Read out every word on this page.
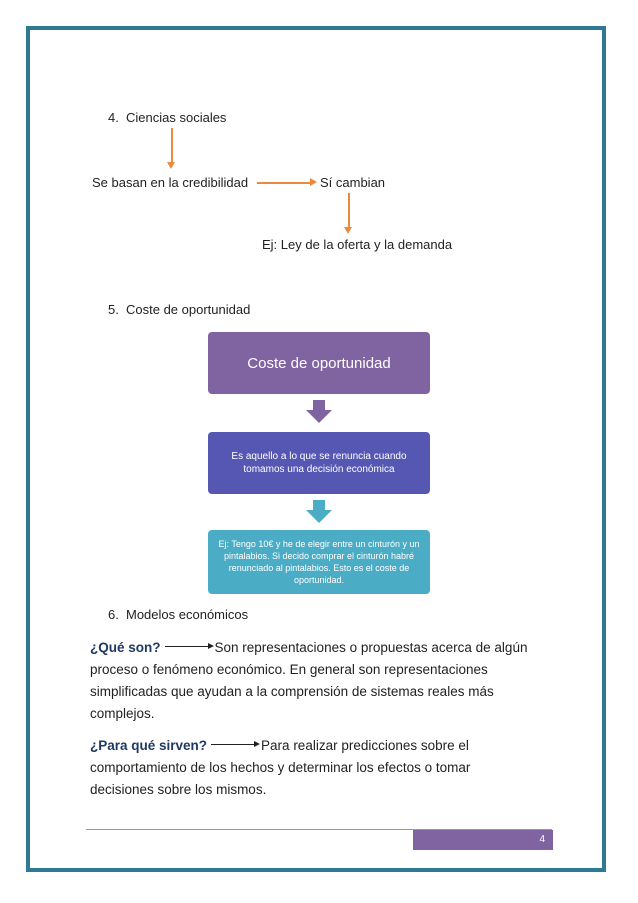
4. Ciencias sociales
Se basan en la credibilidad	Sí cambian
Ej: Ley de la oferta y la demanda
5. Coste de oportunidad
Coste de oportunidad
Es aquello a lo que se renuncia cuando tomamos una decisión económica
Ej: Tengo 10€ y he de elegir entre un cinturón y un pintalabios. Si decido comprar el cinturón habré renunciado al pintalabios. Esto es el coste de oportunidad.
6. Modelos económicos
¿Qué son?	Son representaciones o propuestas acerca de algún proceso o fenómeno económico. En general son representaciones simplificadas que ayudan a la comprensión de sistemas reales más complejos.
¿Para qué sirven?	Para realizar predicciones sobre el comportamiento de los hechos y determinar los efectos o tomar decisiones sobre los mismos.
4
